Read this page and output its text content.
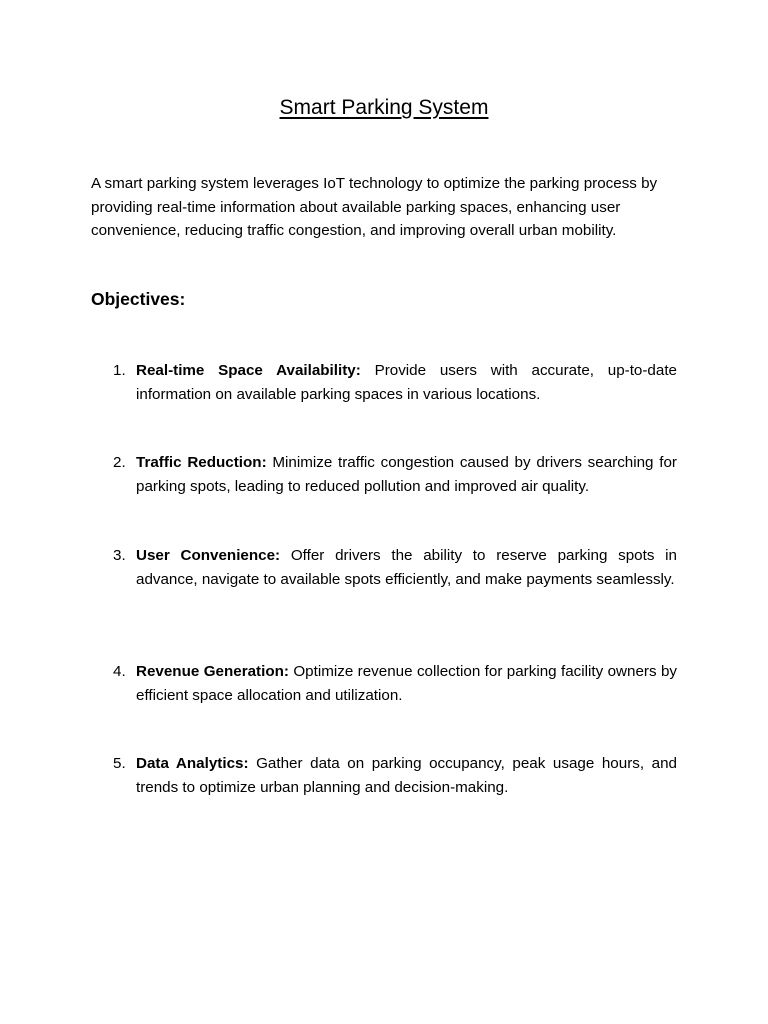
Smart Parking System

A smart parking system leverages IoT technology to optimize the parking process by providing real-time information about available parking spaces, enhancing user convenience, reducing traffic congestion, and improving overall urban mobility.

Objectives:
1. Real-time Space Availability: Provide users with accurate, up-to-date information on available parking spaces in various locations.
2. Traffic Reduction: Minimize traffic congestion caused by drivers searching for parking spots, leading to reduced pollution and improved air quality.
3. User Convenience: Offer drivers the ability to reserve parking spots in advance, navigate to available spots efficiently, and make payments seamlessly.
4. Revenue Generation: Optimize revenue collection for parking facility owners by efficient space allocation and utilization.
5. Data Analytics: Gather data on parking occupancy, peak usage hours, and trends to optimize urban planning and decision-making.
